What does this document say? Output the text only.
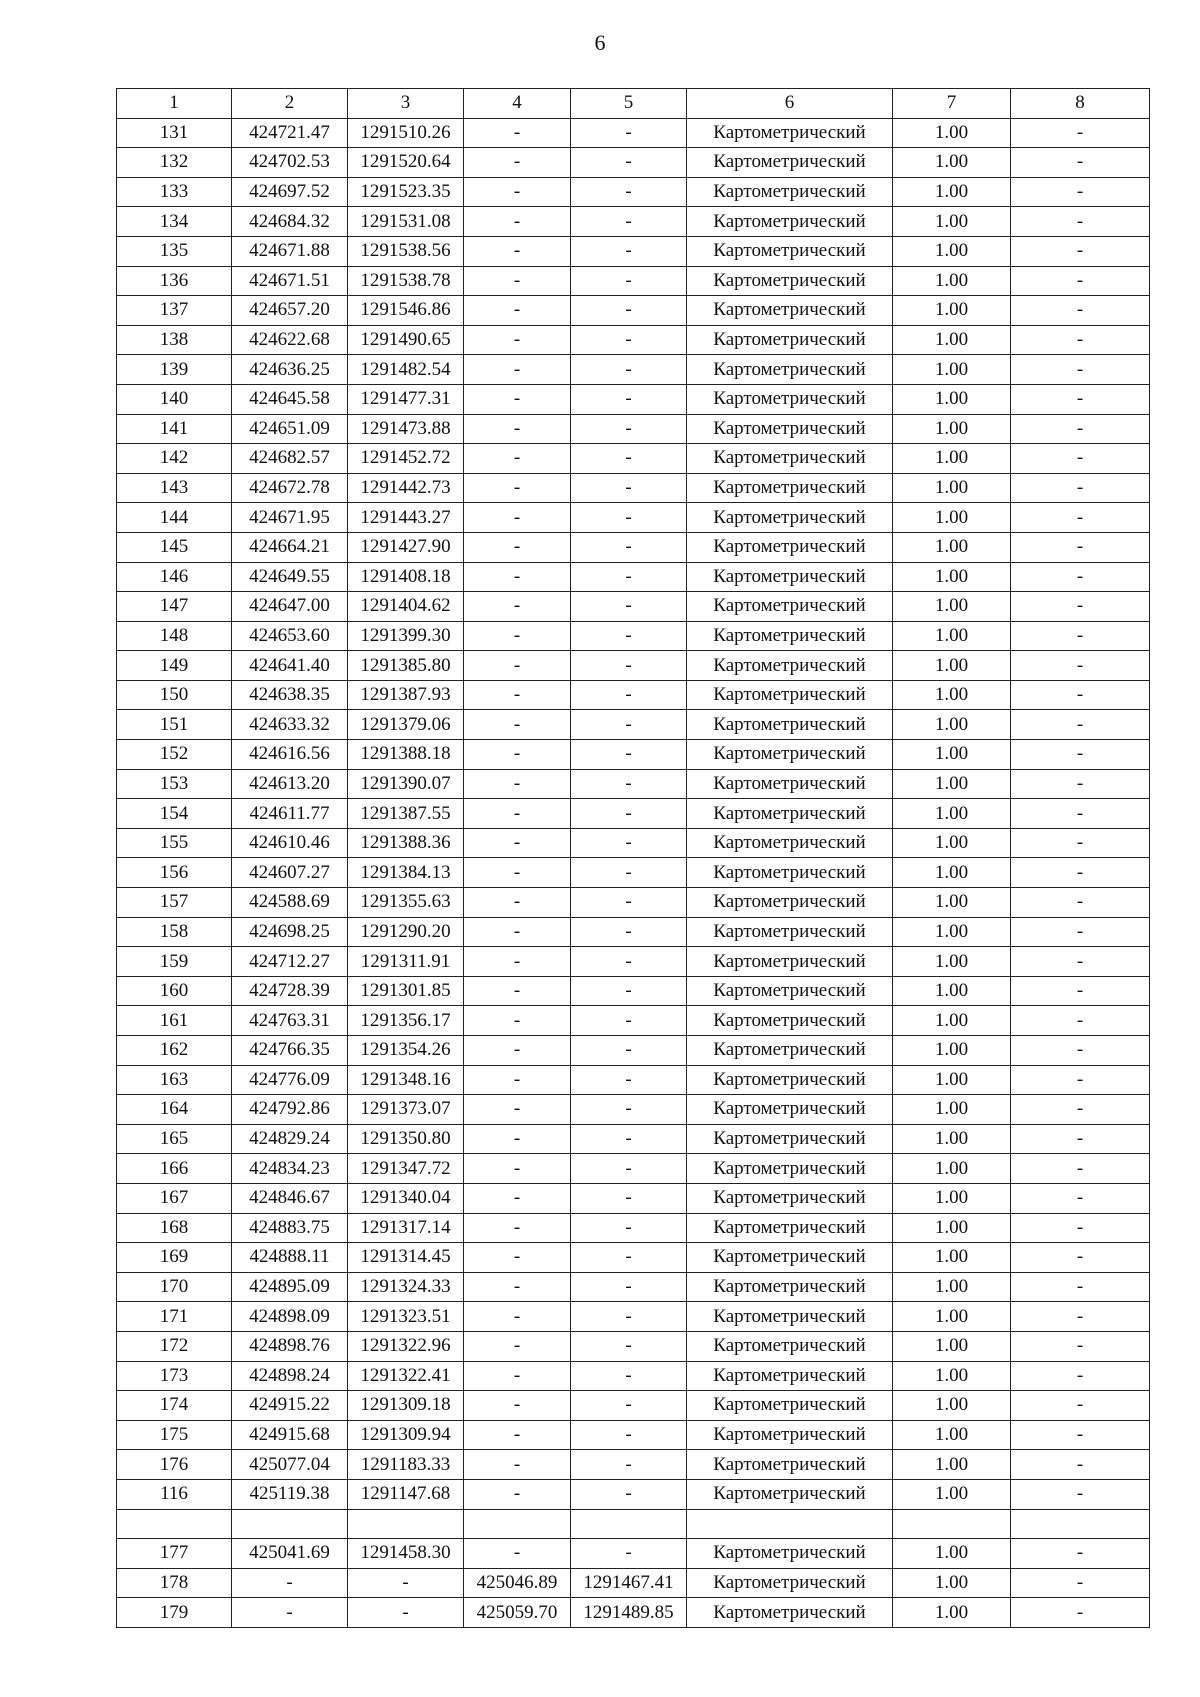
6
1	2	3	4	5	6	7	8
131	424721.47	1291510.26	-	-	Картометрический	1.00	-
132	424702.53	1291520.64	-	-	Картометрический	1.00	-
133	424697.52	1291523.35	-	-	Картометрический	1.00	-
134	424684.32	1291531.08	-	-	Картометрический	1.00	-
135	424671.88	1291538.56	-	-	Картометрический	1.00	-
136	424671.51	1291538.78	-	-	Картометрический	1.00	-
137	424657.20	1291546.86	-	-	Картометрический	1.00	-
138	424622.68	1291490.65	-	-	Картометрический	1.00	-
139	424636.25	1291482.54	-	-	Картометрический	1.00	-
140	424645.58	1291477.31	-	-	Картометрический	1.00	-
141	424651.09	1291473.88	-	-	Картометрический	1.00	-
142	424682.57	1291452.72	-	-	Картометрический	1.00	-
143	424672.78	1291442.73	-	-	Картометрический	1.00	-
144	424671.95	1291443.27	-	-	Картометрический	1.00	-
145	424664.21	1291427.90	-	-	Картометрический	1.00	-
146	424649.55	1291408.18	-	-	Картометрический	1.00	-
147	424647.00	1291404.62	-	-	Картометрический	1.00	-
148	424653.60	1291399.30	-	-	Картометрический	1.00	-
149	424641.40	1291385.80	-	-	Картометрический	1.00	-
150	424638.35	1291387.93	-	-	Картометрический	1.00	-
151	424633.32	1291379.06	-	-	Картометрический	1.00	-
152	424616.56	1291388.18	-	-	Картометрический	1.00	-
153	424613.20	1291390.07	-	-	Картометрический	1.00	-
154	424611.77	1291387.55	-	-	Картометрический	1.00	-
155	424610.46	1291388.36	-	-	Картометрический	1.00	-
156	424607.27	1291384.13	-	-	Картометрический	1.00	-
157	424588.69	1291355.63	-	-	Картометрический	1.00	-
158	424698.25	1291290.20	-	-	Картометрический	1.00	-
159	424712.27	1291311.91	-	-	Картометрический	1.00	-
160	424728.39	1291301.85	-	-	Картометрический	1.00	-
161	424763.31	1291356.17	-	-	Картометрический	1.00	-
162	424766.35	1291354.26	-	-	Картометрический	1.00	-
163	424776.09	1291348.16	-	-	Картометрический	1.00	-
164	424792.86	1291373.07	-	-	Картометрический	1.00	-
165	424829.24	1291350.80	-	-	Картометрический	1.00	-
166	424834.23	1291347.72	-	-	Картометрический	1.00	-
167	424846.67	1291340.04	-	-	Картометрический	1.00	-
168	424883.75	1291317.14	-	-	Картометрический	1.00	-
169	424888.11	1291314.45	-	-	Картометрический	1.00	-
170	424895.09	1291324.33	-	-	Картометрический	1.00	-
171	424898.09	1291323.51	-	-	Картометрический	1.00	-
172	424898.76	1291322.96	-	-	Картометрический	1.00	-
173	424898.24	1291322.41	-	-	Картометрический	1.00	-
174	424915.22	1291309.18	-	-	Картометрический	1.00	-
175	424915.68	1291309.94	-	-	Картометрический	1.00	-
176	425077.04	1291183.33	-	-	Картометрический	1.00	-
116	425119.38	1291147.68	-	-	Картометрический	1.00	-

177	425041.69	1291458.30	-	-	Картометрический	1.00	-
178	-	-	425046.89	1291467.41	Картометрический	1.00	-
179	-	-	425059.70	1291489.85	Картометрический	1.00	-
